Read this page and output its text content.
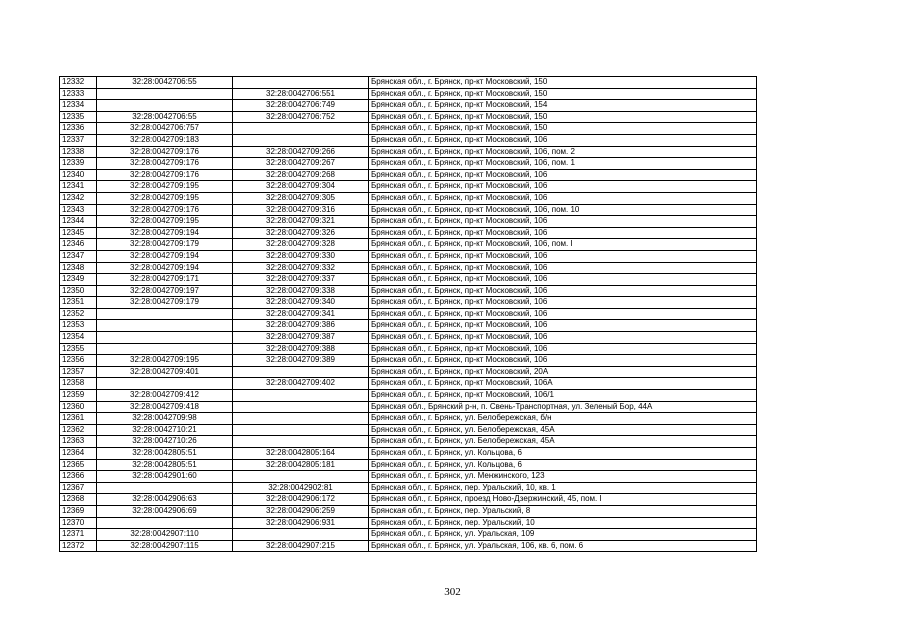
12332	32:28:0042706:55		Брянская обл., г. Брянск, пр-кт Московский, 150
12333		32:28:0042706:551	Брянская обл., г. Брянск, пр-кт Московский, 150
12334		32:28:0042706:749	Брянская обл., г. Брянск, пр-кт Московский, 154
12335	32:28:0042706:55	32:28:0042706:752	Брянская обл., г. Брянск, пр-кт Московский, 150
12336	32:28:0042706:757		Брянская обл., г. Брянск, пр-кт Московский, 150
12337	32:28:0042709:183		Брянская обл., г. Брянск, пр-кт Московский, 106
12338	32:28:0042709:176	32:28:0042709:266	Брянская обл., г. Брянск, пр-кт Московский, 106, пом. 2
12339	32:28:0042709:176	32:28:0042709:267	Брянская обл., г. Брянск, пр-кт Московский, 106, пом. 1
12340	32:28:0042709:176	32:28:0042709:268	Брянская обл., г. Брянск, пр-кт Московский, 106
12341	32:28:0042709:195	32:28:0042709:304	Брянская обл., г. Брянск, пр-кт Московский, 106
12342	32:28:0042709:195	32:28:0042709:305	Брянская обл., г. Брянск, пр-кт Московский, 106
12343	32:28:0042709:176	32:28:0042709:316	Брянская обл., г. Брянск, пр-кт Московский, 106, пом. 10
12344	32:28:0042709:195	32:28:0042709:321	Брянская обл., г. Брянск, пр-кт Московский, 106
12345	32:28:0042709:194	32:28:0042709:326	Брянская обл., г. Брянск, пр-кт Московский, 106
12346	32:28:0042709:179	32:28:0042709:328	Брянская обл., г. Брянск, пр-кт Московский, 106, пом. I
12347	32:28:0042709:194	32:28:0042709:330	Брянская обл., г. Брянск, пр-кт Московский, 106
12348	32:28:0042709:194	32:28:0042709:332	Брянская обл., г. Брянск, пр-кт Московский, 106
12349	32:28:0042709:171	32:28:0042709:337	Брянская обл., г. Брянск, пр-кт Московский, 106
12350	32:28:0042709:197	32:28:0042709:338	Брянская обл., г. Брянск, пр-кт Московский, 106
12351	32:28:0042709:179	32:28:0042709:340	Брянская обл., г. Брянск, пр-кт Московский, 106
12352		32:28:0042709:341	Брянская обл., г. Брянск, пр-кт Московский, 106
12353		32:28:0042709:386	Брянская обл., г. Брянск, пр-кт Московский, 106
12354		32:28:0042709:387	Брянская обл., г. Брянск, пр-кт Московский, 106
12355		32:28:0042709:388	Брянская обл., г. Брянск, пр-кт Московский, 106
12356	32:28:0042709:195	32:28:0042709:389	Брянская обл., г. Брянск, пр-кт Московский, 106
12357	32:28:0042709:401		Брянская обл., г. Брянск, пр-кт Московский, 20А
12358		32:28:0042709:402	Брянская обл., г. Брянск, пр-кт Московский, 106А
12359	32:28:0042709:412		Брянская обл., г. Брянск, пр-кт Московский, 106/1
12360	32:28:0042709:418		Брянская обл., Брянский р-н, п. Свень-Транспортная, ул. Зеленый Бор, 44А
12361	32:28:0042709:98		Брянская обл., г. Брянск, ул. Белобережская, б/н
12362	32:28:0042710:21		Брянская обл., г. Брянск, ул. Белобережская, 45А
12363	32:28:0042710:26		Брянская обл., г. Брянск, ул. Белобережская, 45А
12364	32:28:0042805:51	32:28:0042805:164	Брянская обл., г. Брянск, ул. Кольцова, 6
12365	32:28:0042805:51	32:28:0042805:181	Брянская обл., г. Брянск, ул. Кольцова, 6
12366	32:28:0042901:60		Брянская обл., г. Брянск, ул. Менжинского, 123
12367		32:28:0042902:81	Брянская обл., г. Брянск, пер. Уральский, 10, кв. 1
12368	32:28:0042906:63	32:28:0042906:172	Брянская обл., г. Брянск, проезд Ново-Дзержинский, 45, пом. I
12369	32:28:0042906:69	32:28:0042906:259	Брянская обл., г. Брянск, пер. Уральский, 8
12370		32:28:0042906:931	Брянская обл., г. Брянск, пер. Уральский, 10
12371	32:28:0042907:110		Брянская обл., г. Брянск, ул. Уральская, 109
12372	32:28:0042907:115	32:28:0042907:215	Брянская обл., г. Брянск, ул. Уральская, 106, кв. 6, пом. 6
302
